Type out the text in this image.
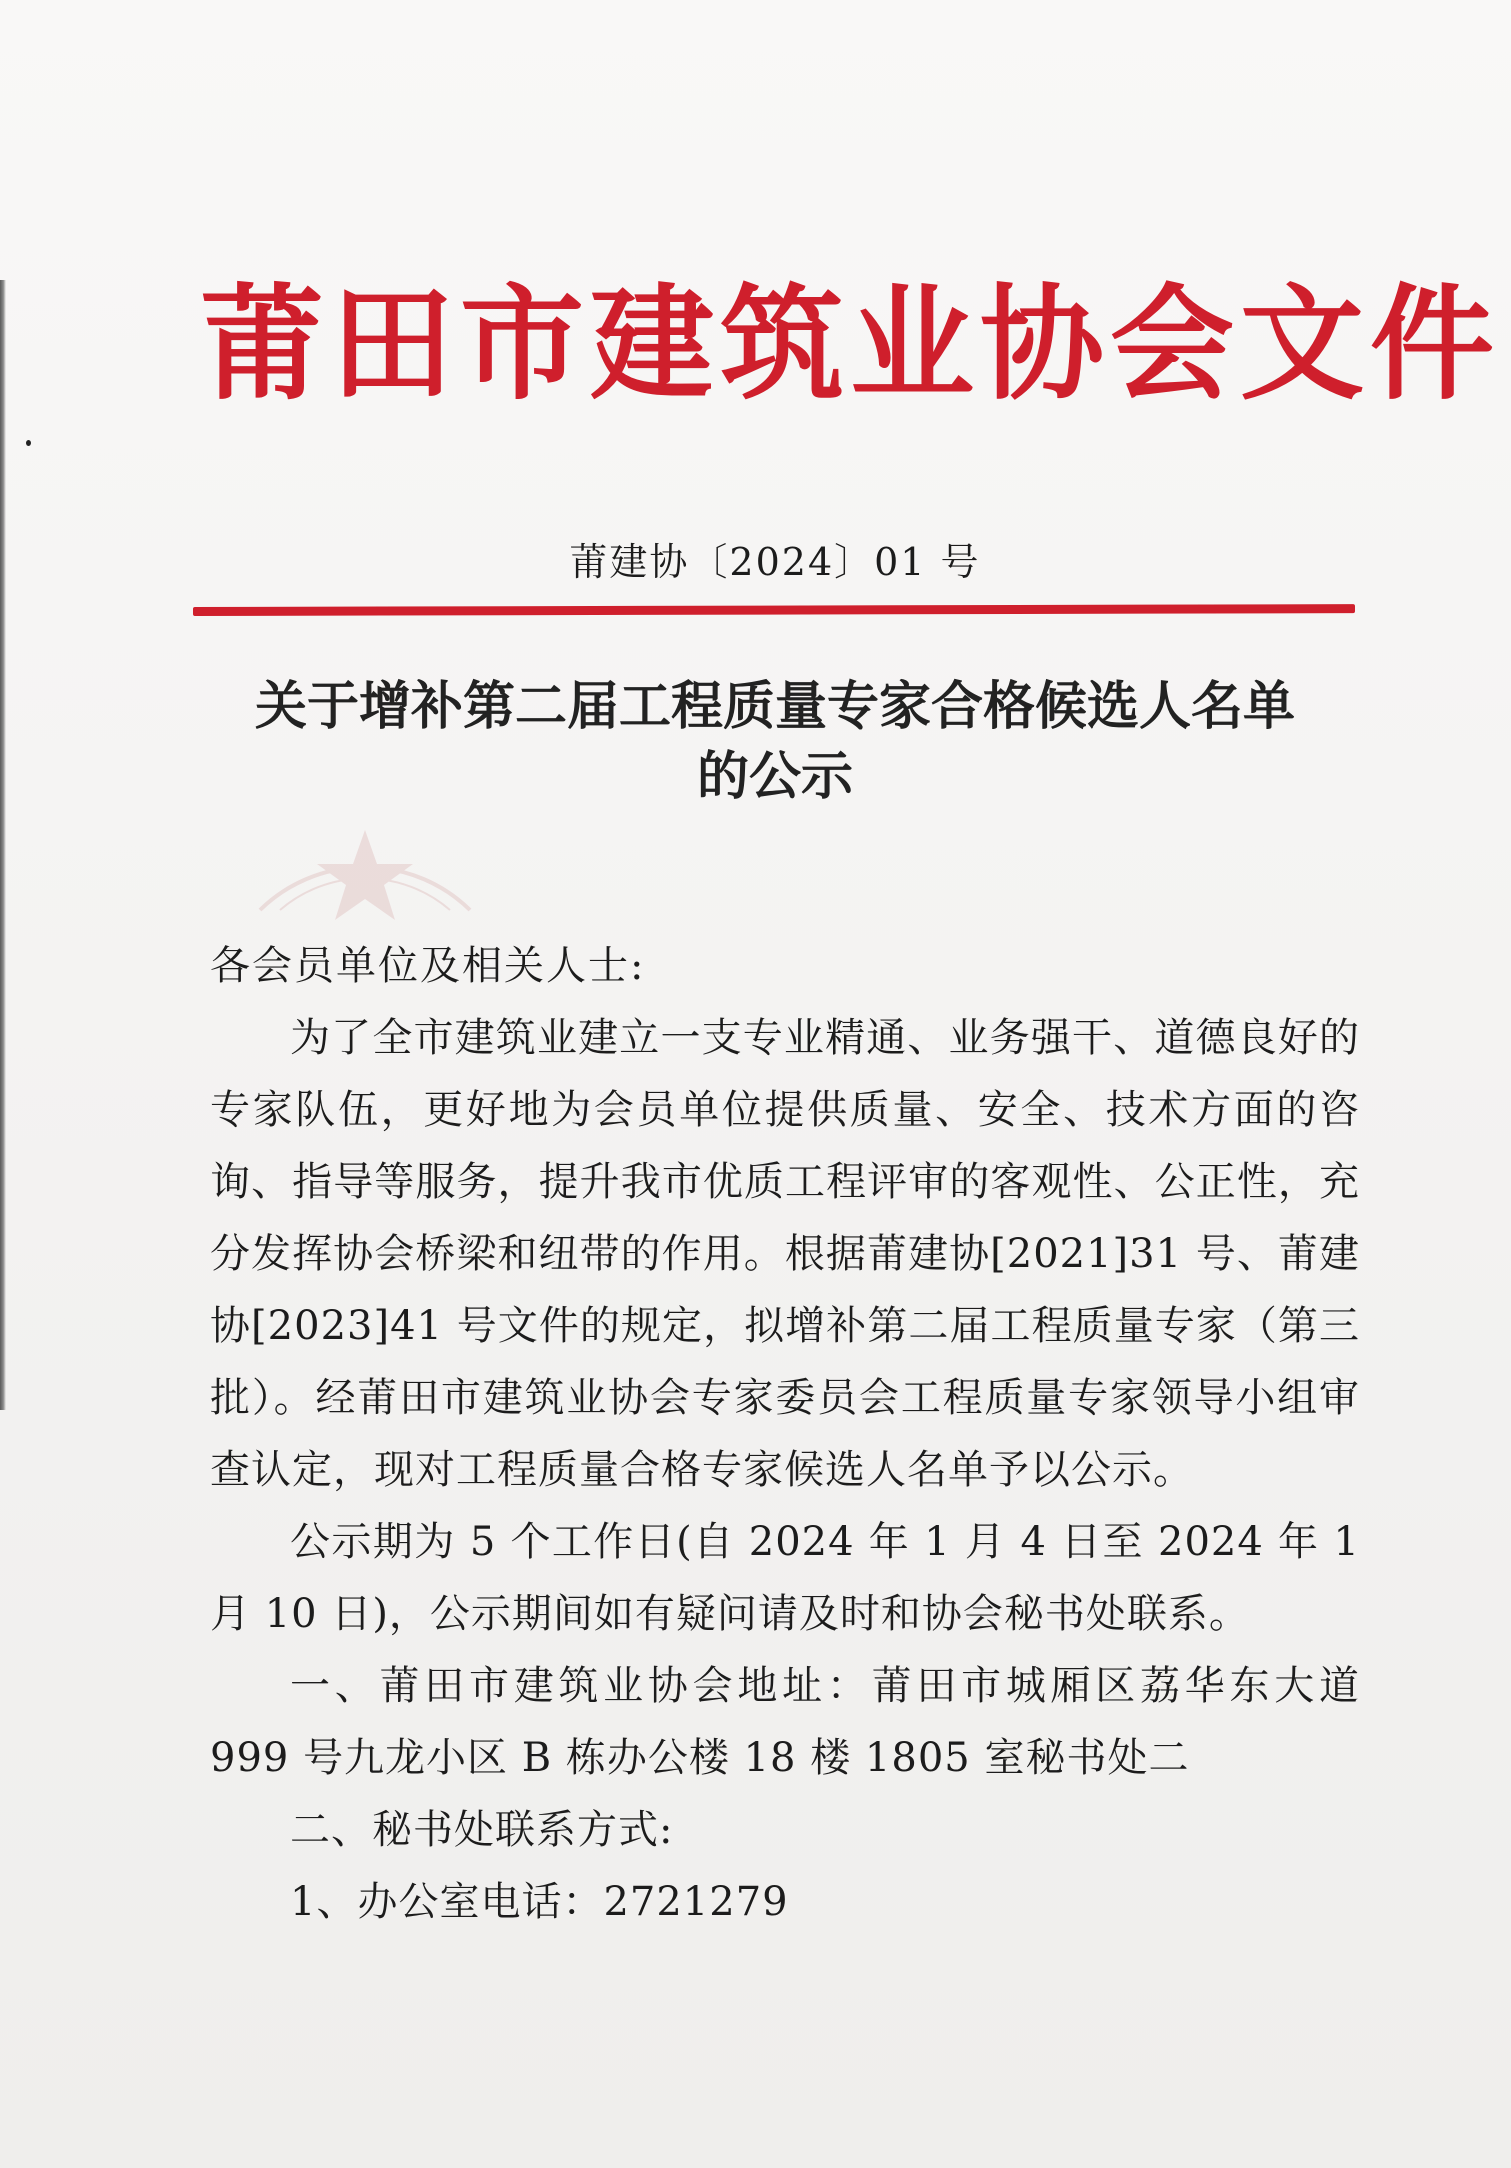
莆田市建筑业协会文件
莆建协〔2024〕01 号
关于增补第二届工程质量专家合格候选人名单
的公示

各会员单位及相关人士:

为了全市建筑业建立一支专业精通、业务强干、道德良好的专家队伍，更好地为会员单位提供质量、安全、技术方面的咨询、指导等服务，提升我市优质工程评审的客观性、公正性，充分发挥协会桥梁和纽带的作用。根据莆建协[2021]31 号、莆建协[2023]41 号文件的规定，拟增补第二届工程质量专家（第三批）。经莆田市建筑业协会专家委员会工程质量专家领导小组审查认定，现对工程质量合格专家候选人名单予以公示。

公示期为 5 个工作日(自 2024 年 1 月 4 日至 2024 年 1 月 10 日)，公示期间如有疑问请及时和协会秘书处联系。

一、莆田市建筑业协会地址：莆田市城厢区荔华东大道 999 号九龙小区 B 栋办公楼 18 楼 1805 室秘书处二

二、秘书处联系方式:

1、办公室电话：2721279
